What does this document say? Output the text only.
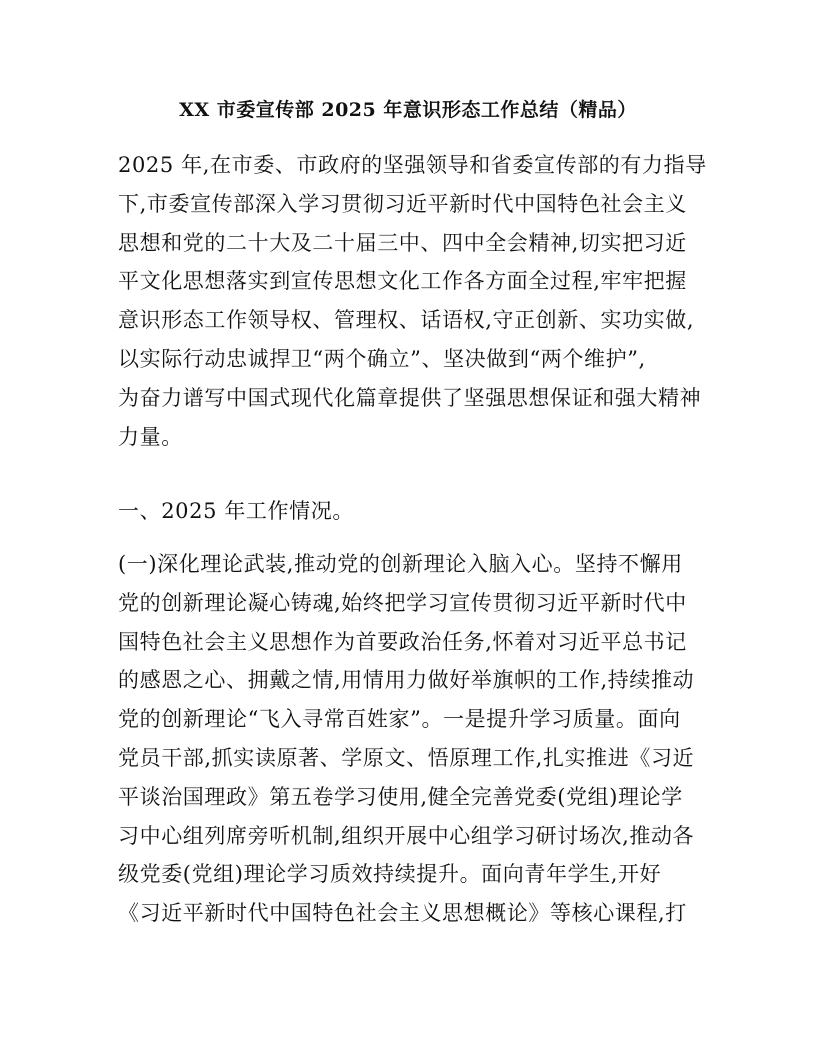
XX 市委宣传部 2025 年意识形态工作总结（精品）
2025 年,在市委、市政府的坚强领导和省委宣传部的有力指导
下,市委宣传部深入学习贯彻习近平新时代中国特色社会主义
思想和党的二十大及二十届三中、四中全会精神,切实把习近
平文化思想落实到宣传思想文化工作各方面全过程,牢牢把握
意识形态工作领导权、管理权、话语权,守正创新、实功实做,
以实际行动忠诚捍卫“两个确立”、坚决做到“两个维护”,
为奋力谱写中国式现代化篇章提供了坚强思想保证和强大精神
力量。
一、2025 年工作情况。
(一)深化理论武装,推动党的创新理论入脑入心。坚持不懈用
党的创新理论凝心铸魂,始终把学习宣传贯彻习近平新时代中
国特色社会主义思想作为首要政治任务,怀着对习近平总书记
的感恩之心、拥戴之情,用情用力做好举旗帜的工作,持续推动
党的创新理论“飞入寻常百姓家”。一是提升学习质量。面向
党员干部,抓实读原著、学原文、悟原理工作,扎实推进《习近
平谈治国理政》第五卷学习使用,健全完善党委(党组)理论学
习中心组列席旁听机制,组织开展中心组学习研讨场次,推动各
级党委(党组)理论学习质效持续提升。面向青年学生,开好
《习近平新时代中国特色社会主义思想概论》等核心课程,打
